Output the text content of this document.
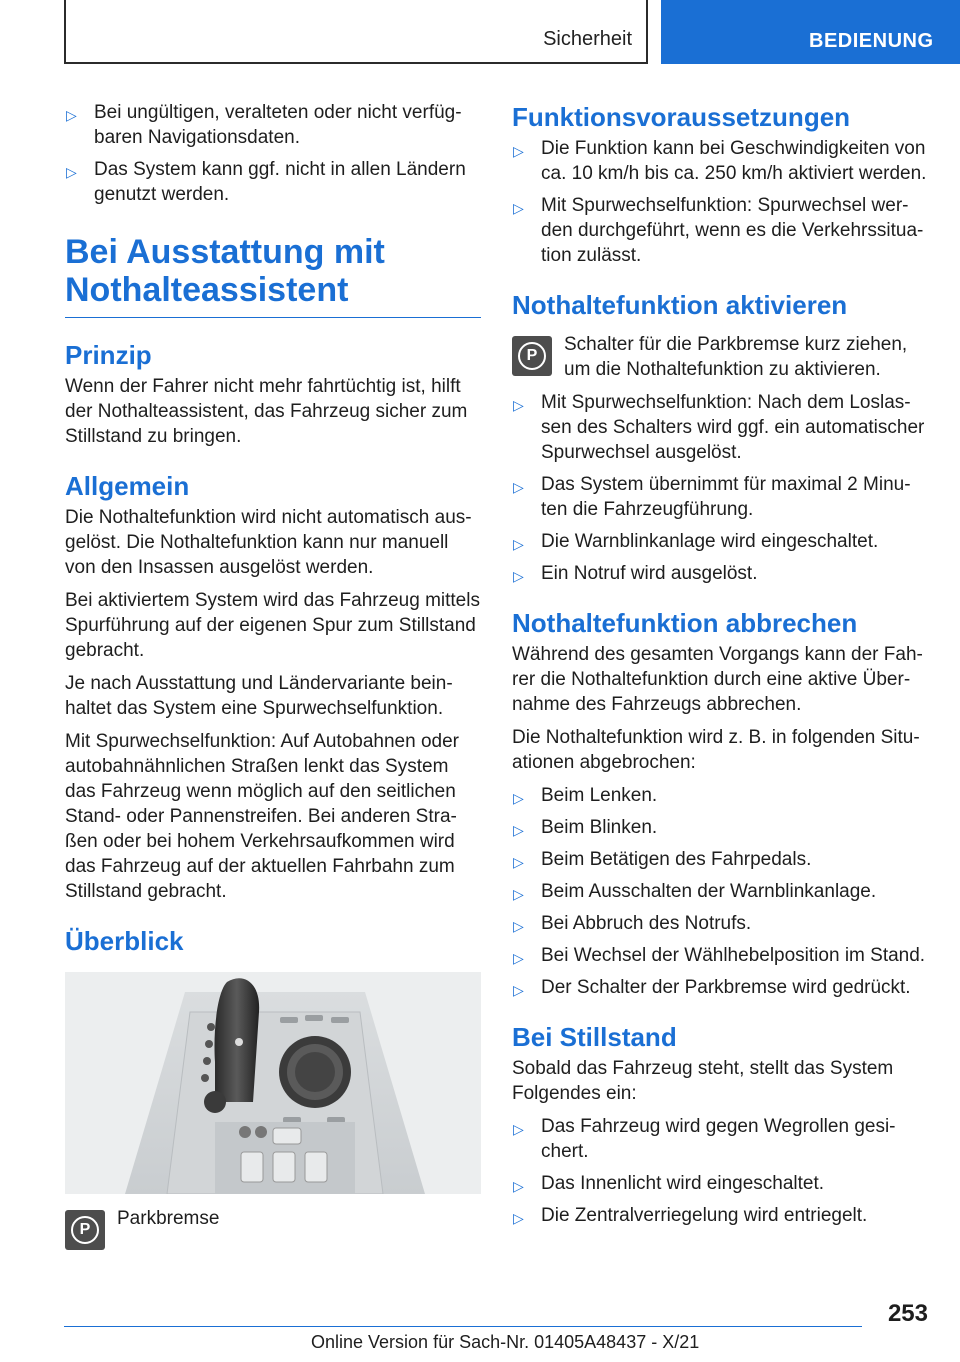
Sicherheit	BEDIENUNG
▷ Bei ungültigen, veralteten oder nicht verfügbaren Navigationsdaten.
▷ Das System kann ggf. nicht in allen Ländern genutzt werden.
Bei Ausstattung mit Nothalteassistent
Prinzip

Wenn der Fahrer nicht mehr fahrtüchtig ist, hilft der Nothalteassistent, das Fahrzeug sicher zum Stillstand zu bringen.

Allgemein

Die Nothaltefunktion wird nicht automatisch ausgelöst. Die Nothaltefunktion kann nur manuell von den Insassen ausgelöst werden.

Bei aktiviertem System wird das Fahrzeug mittels Spurführung auf der eigenen Spur zum Stillstand gebracht.

Je nach Ausstattung und Ländervariante beinhaltet das System eine Spurwechselfunktion.

Mit Spurwechselfunktion: Auf Autobahnen oder autobahnähnlichen Straßen lenkt das System das Fahrzeug wenn möglich auf den seitlichen Stand- oder Pannenstreifen. Bei anderen Straßen oder bei hohem Verkehrsaufkommen wird das Fahrzeug auf der aktuellen Fahrbahn zum Stillstand gebracht.

Überblick
P
Parkbremse
Funktionsvoraussetzungen
▷ Die Funktion kann bei Geschwindigkeiten von ca. 10 km/h bis ca. 250 km/h aktiviert werden.
▷ Mit Spurwechselfunktion: Spurwechsel werden durchgeführt, wenn es die Verkehrssituation zulässt.
Nothaltefunktion aktivieren
P
Schalter für die Parkbremse kurz ziehen, um die Nothaltefunktion zu aktivieren.
▷ Mit Spurwechselfunktion: Nach dem Loslassen des Schalters wird ggf. ein automatischer Spurwechsel ausgelöst.
▷ Das System übernimmt für maximal 2 Minuten die Fahrzeugführung.
▷ Die Warnblinkanlage wird eingeschaltet.
▷ Ein Notruf wird ausgelöst.
Nothaltefunktion abbrechen

Während des gesamten Vorgangs kann der Fahrer die Nothaltefunktion durch eine aktive Übernahme des Fahrzeugs abbrechen.

Die Nothaltefunktion wird z. B. in folgenden Situationen abgebrochen:

▷ Beim Lenken.
▷ Beim Blinken.
▷ Beim Betätigen des Fahrpedals.
▷ Beim Ausschalten der Warnblinkanlage.
▷ Bei Abbruch des Notrufs.
▷ Bei Wechsel der Wählhebelposition im Stand.
▷ Der Schalter der Parkbremse wird gedrückt.
Bei Stillstand

Sobald das Fahrzeug steht, stellt das System Folgendes ein:

▷ Das Fahrzeug wird gegen Wegrollen gesichert.
▷ Das Innenlicht wird eingeschaltet.
▷ Die Zentralverriegelung wird entriegelt.
253
Online Version für Sach-Nr. 01405A48437 - X/21
